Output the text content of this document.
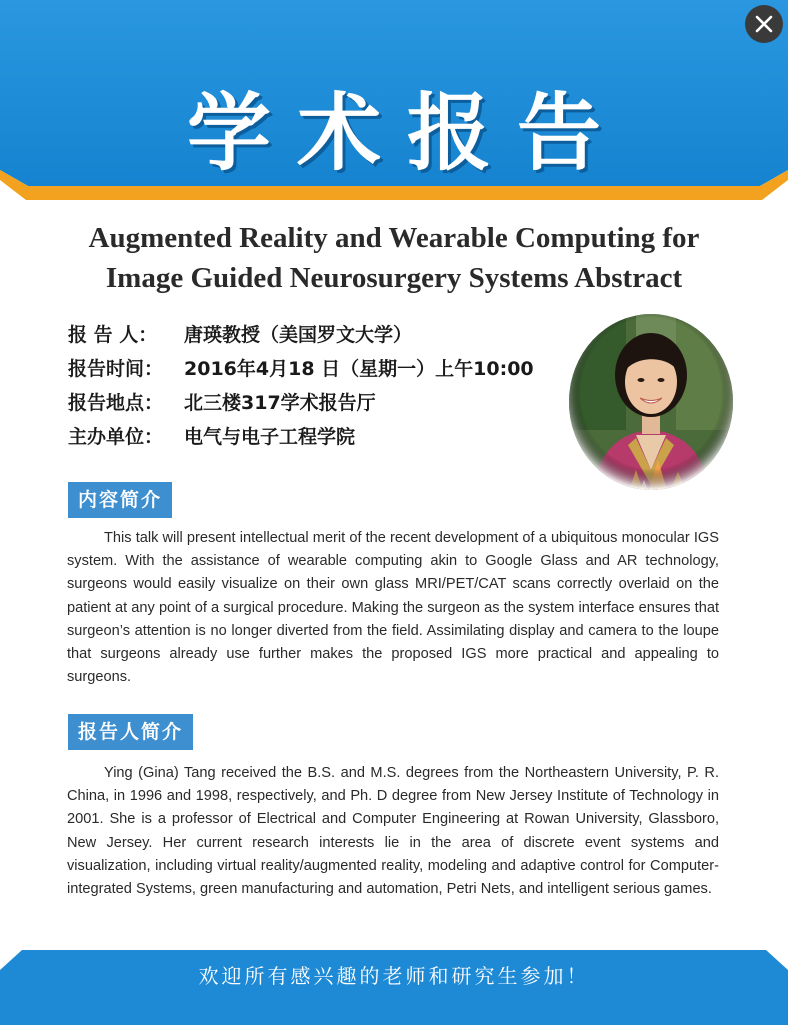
学术报告
Augmented Reality and Wearable Computing for
Image Guided Neurosurgery Systems Abstract
报 告 人： 唐瑛教授（美国罗文大学）
报告时间： 2016年4月18 日（星期一）上午10:00
报告地点： 北三楼317学术报告厅
主办单位： 电气与电子工程学院
内容简介
This talk will present intellectual merit of the recent development of a ubiquitous monocular IGS system. With the assistance of wearable computing akin to Google Glass and AR technology, surgeons would easily visualize on their own glass MRI/PET/CAT scans correctly overlaid on the patient at any point of a surgical procedure. Making the surgeon as the system interface ensures that surgeon’s attention is no longer diverted from the field. Assimilating display and camera to the loupe that surgeons already use further makes the proposed IGS more practical and appealing to surgeons.
报告人简介
Ying (Gina) Tang received the B.S. and M.S. degrees from the Northeastern University, P. R. China, in 1996 and 1998, respectively, and Ph. D degree from New Jersey Institute of Technology in 2001. She is a professor of Electrical and Computer Engineering at Rowan University, Glassboro, New Jersey. Her current research interests lie in the area of discrete event systems and visualization, including virtual reality/augmented reality, modeling and adaptive control for Computer-integrated Systems, green manufacturing and automation, Petri Nets, and intelligent serious games.
欢迎所有感兴趣的老师和研究生参加！
